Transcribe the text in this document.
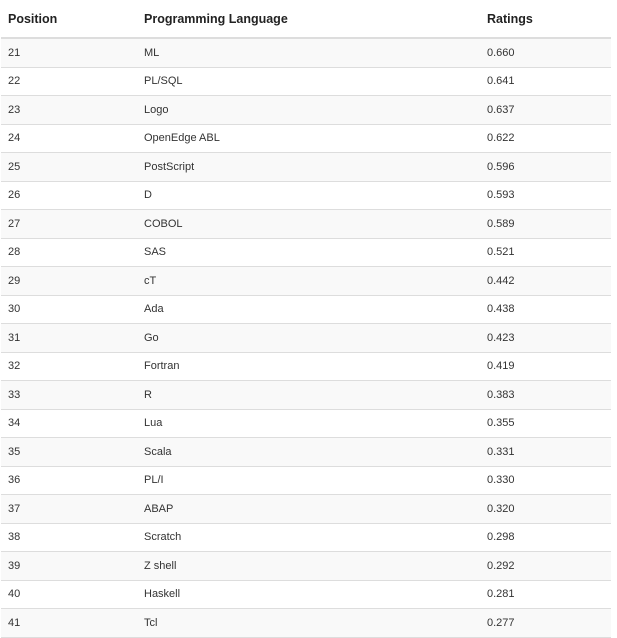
Position	Programming Language	Ratings
21	ML	0.660
22	PL/SQL	0.641
23	Logo	0.637
24	OpenEdge ABL	0.622
25	PostScript	0.596
26	D	0.593
27	COBOL	0.589
28	SAS	0.521
29	cT	0.442
30	Ada	0.438
31	Go	0.423
32	Fortran	0.419
33	R	0.383
34	Lua	0.355
35	Scala	0.331
36	PL/I	0.330
37	ABAP	0.320
38	Scratch	0.298
39	Z shell	0.292
40	Haskell	0.281
41	Tcl	0.277
